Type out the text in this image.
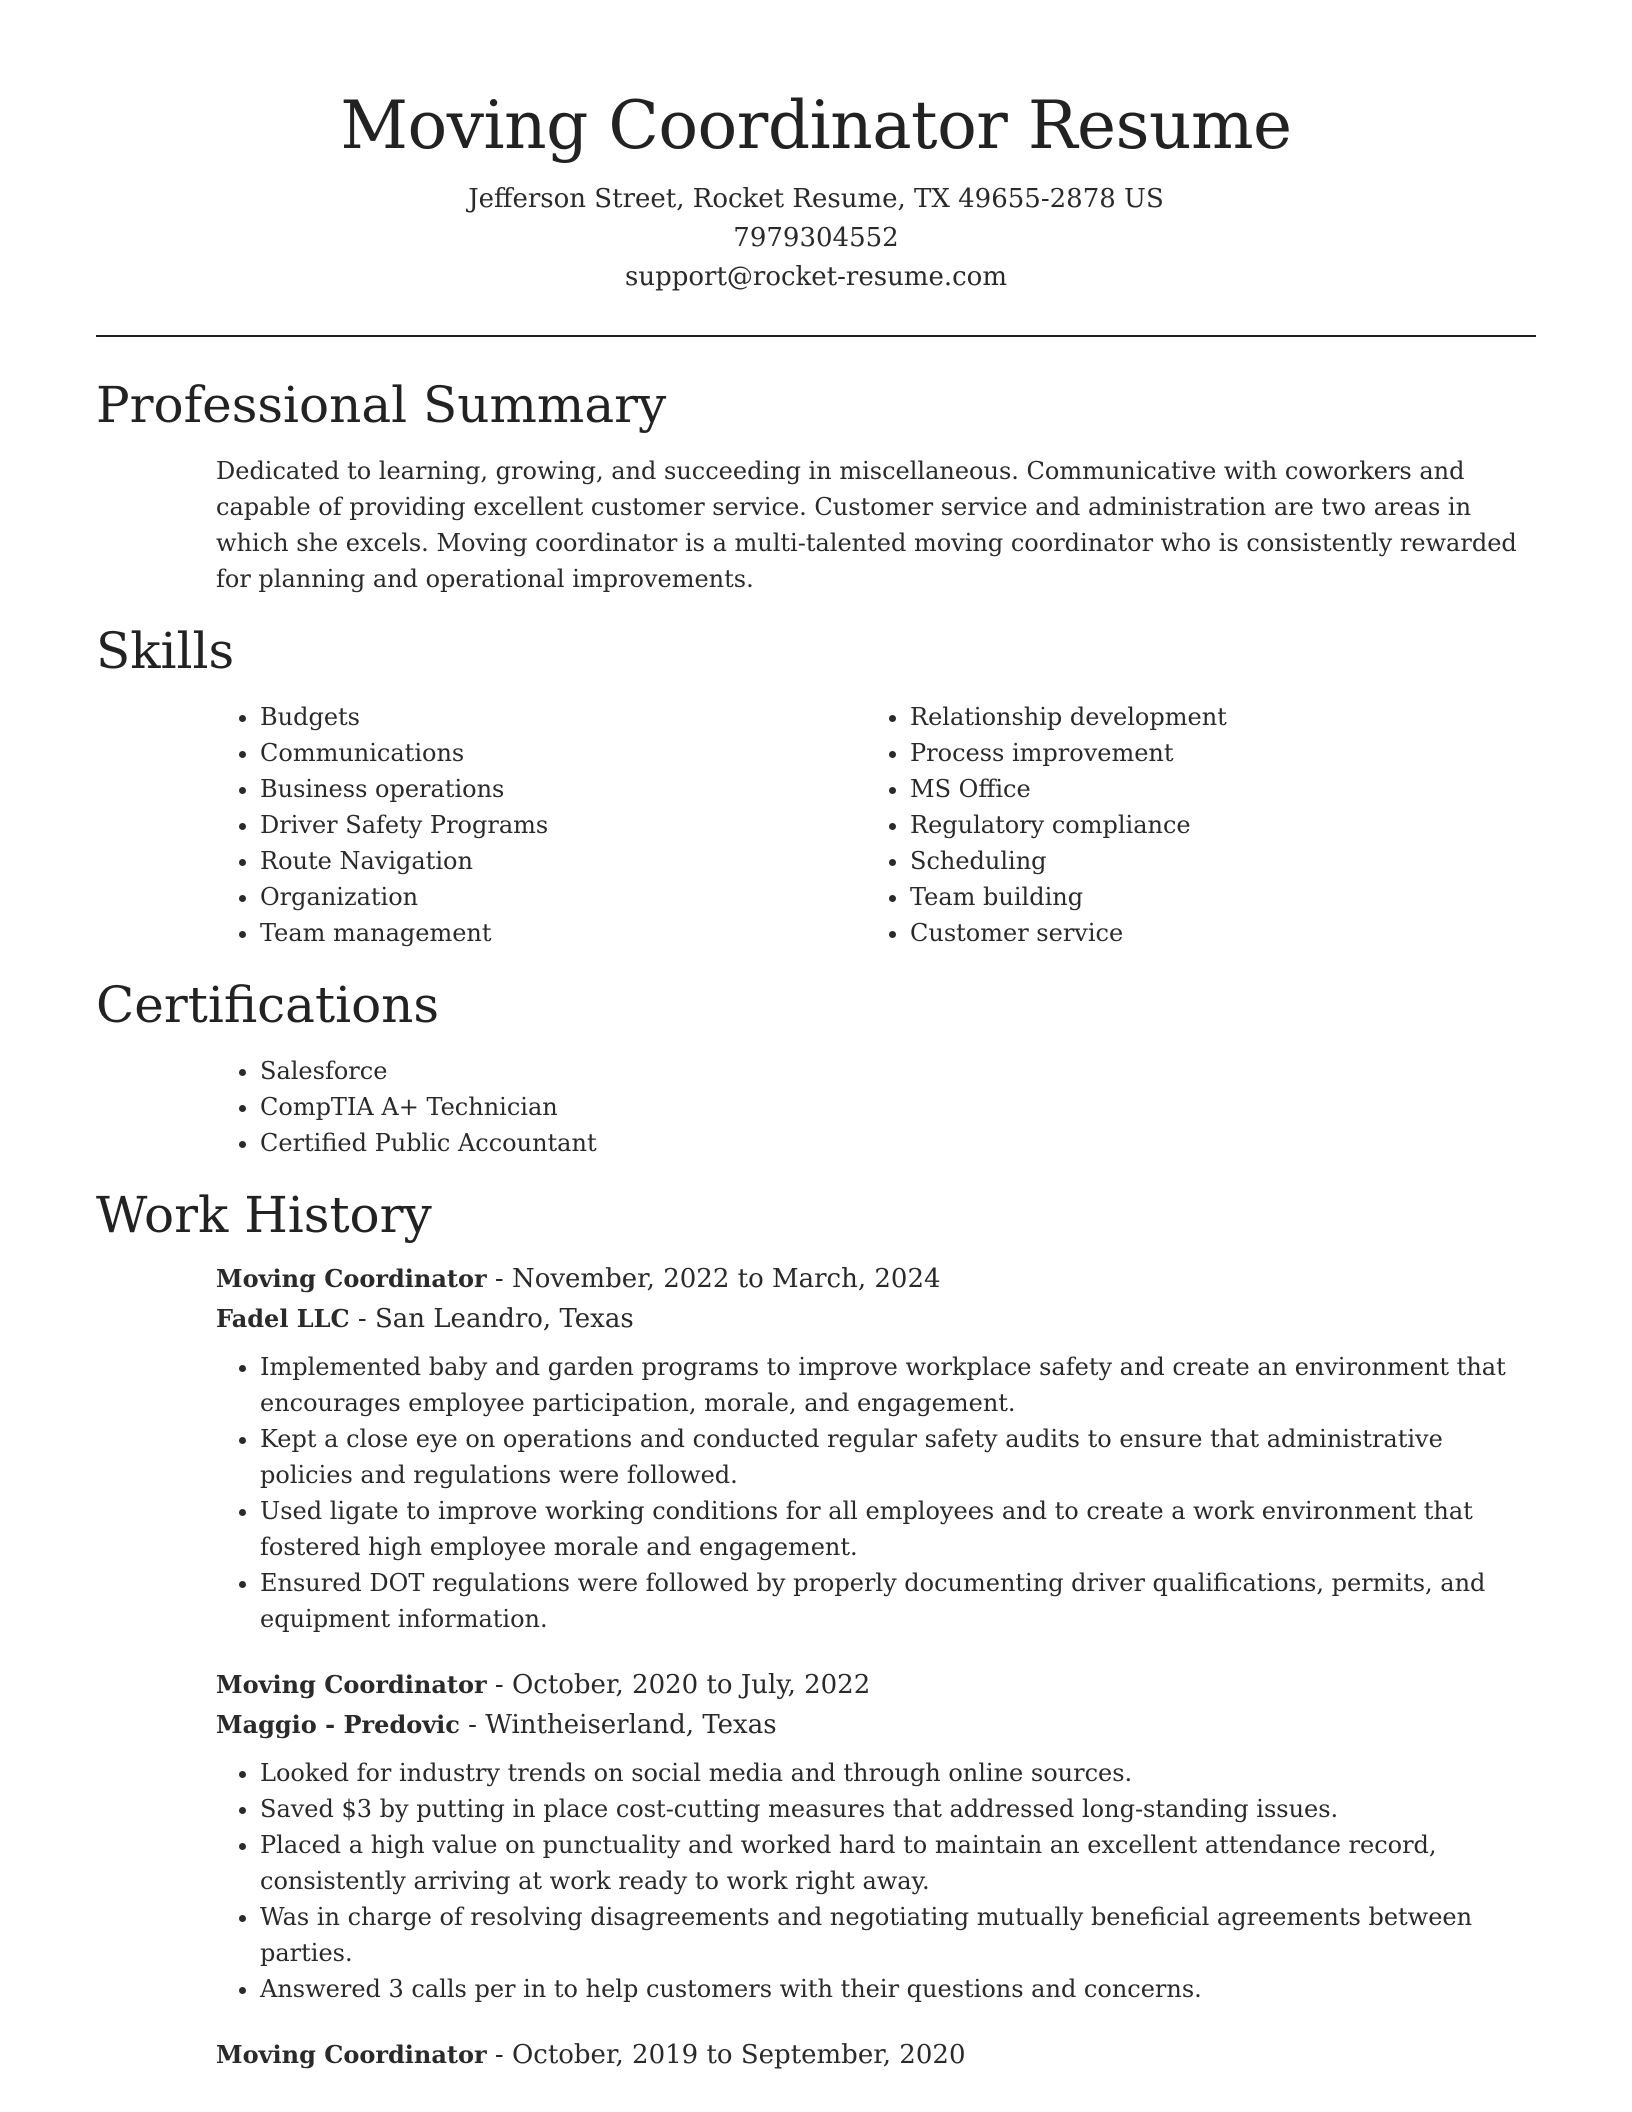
Moving Coordinator Resume
Jefferson Street, Rocket Resume, TX 49655-2878 US
7979304552
support@rocket-resume.com
Professional Summary
Dedicated to learning, growing, and succeeding in miscellaneous. Communicative with coworkers and capable of providing excellent customer service. Customer service and administration are two areas in which she excels. Moving coordinator is a multi-talented moving coordinator who is consistently rewarded for planning and operational improvements.
Skills
• Budgets
• Communications
• Business operations
• Driver Safety Programs
• Route Navigation
• Organization
• Team management
• Relationship development
• Process improvement
• MS Office
• Regulatory compliance
• Scheduling
• Team building
• Customer service
Certifications
• Salesforce
• CompTIA A+ Technician
• Certified Public Accountant
Work History
Moving Coordinator - November, 2022 to March, 2024
Fadel LLC - San Leandro, Texas
• Implemented baby and garden programs to improve workplace safety and create an environment that encourages employee participation, morale, and engagement.
• Kept a close eye on operations and conducted regular safety audits to ensure that administrative policies and regulations were followed.
• Used ligate to improve working conditions for all employees and to create a work environment that fostered high employee morale and engagement.
• Ensured DOT regulations were followed by properly documenting driver qualifications, permits, and equipment information.
Moving Coordinator - October, 2020 to July, 2022
Maggio - Predovic - Wintheiserland, Texas
• Looked for industry trends on social media and through online sources.
• Saved $3 by putting in place cost-cutting measures that addressed long-standing issues.
• Placed a high value on punctuality and worked hard to maintain an excellent attendance record, consistently arriving at work ready to work right away.
• Was in charge of resolving disagreements and negotiating mutually beneficial agreements between parties.
• Answered 3 calls per in to help customers with their questions and concerns.
Moving Coordinator - October, 2019 to September, 2020
